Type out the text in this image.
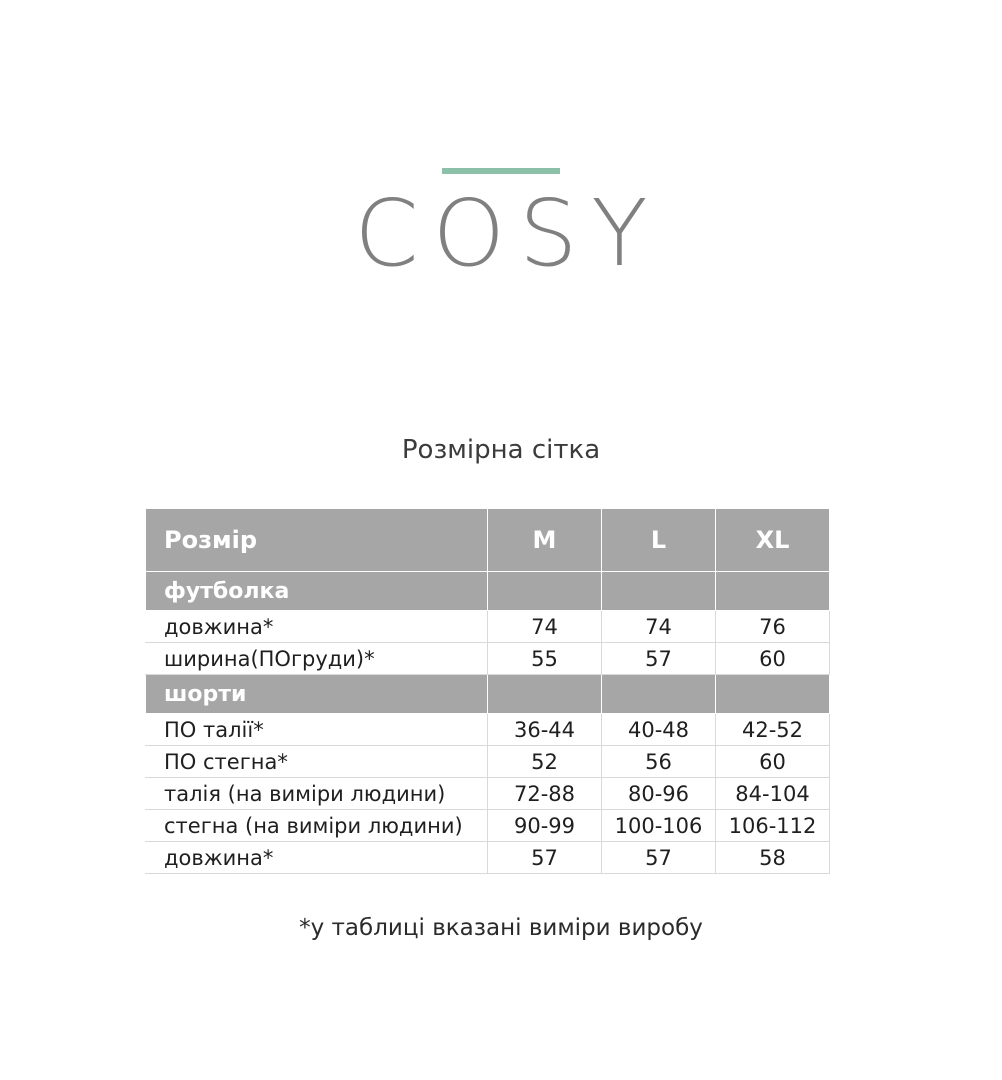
COSY
Розмірна сітка
Розмір	M	L	XL
футболка			
довжина*	74	74	76
ширина(ПОгруди)*	55	57	60
шорти			
ПО талії*	36-44	40-48	42-52
ПО стегна*	52	56	60
талія (на виміри людини)	72-88	80-96	84-104
стегна (на виміри людини)	90-99	100-106	106-112
довжина*	57	57	58
*у таблиці вказані виміри виробу
